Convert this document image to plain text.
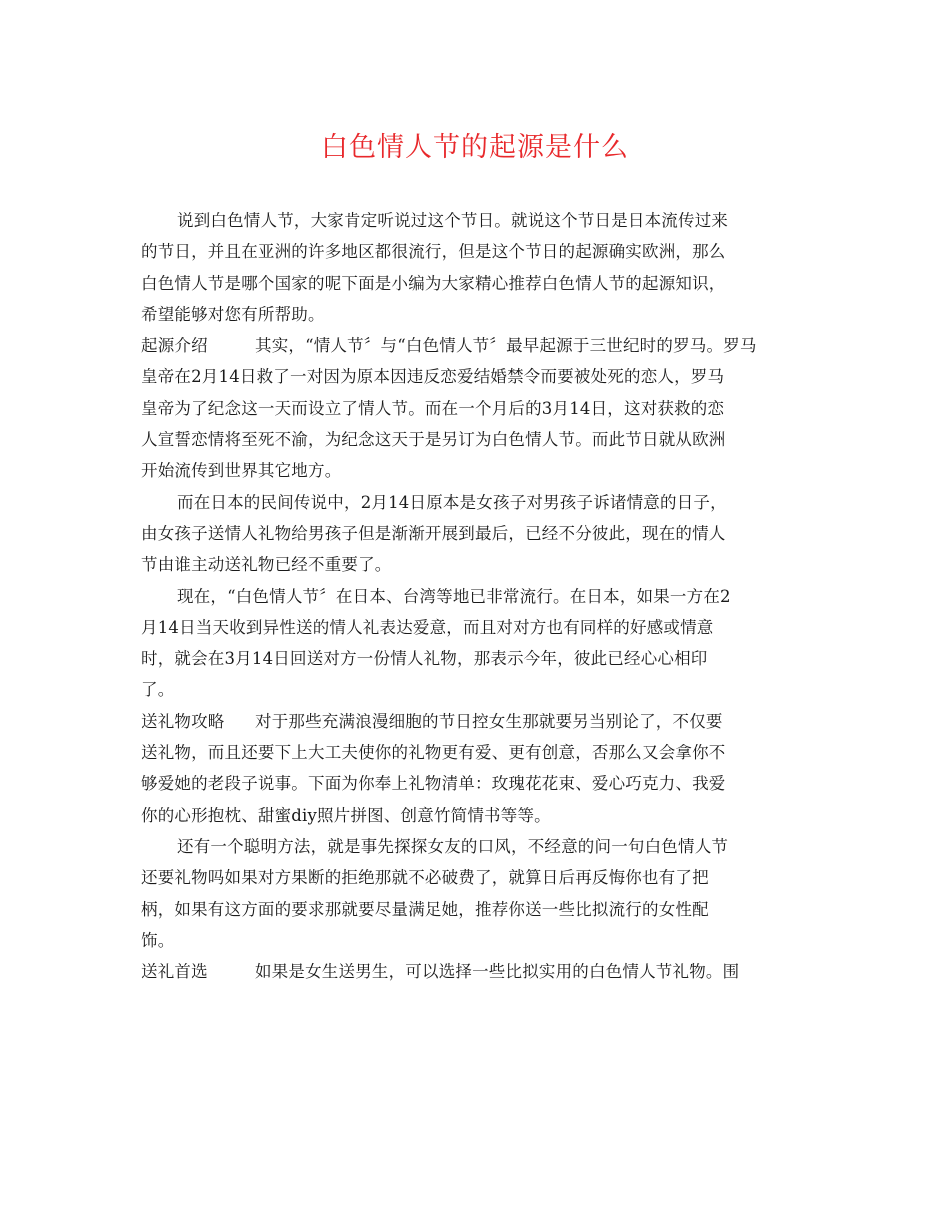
白色情人节的起源是什么
说到白色情人节，大家肯定听说过这个节日。就说这个节日是日本流传过来
的节日，并且在亚洲的许多地区都很流行，但是这个节日的起源确实欧洲，那么
白色情人节是哪个国家的呢下面是小编为大家精心推荐白色情人节的起源知识，
希望能够对您有所帮助。
起源介绍	其实，“情人节〞与“白色情人节〞最早起源于三世纪时的罗马。罗马
皇帝在2月14日救了一对因为原本因违反恋爱结婚禁令而要被处死的恋人，罗马
皇帝为了纪念这一天而设立了情人节。而在一个月后的3月14日，这对获救的恋
人宣誓恋情将至死不渝，为纪念这天于是另订为白色情人节。而此节日就从欧洲
开始流传到世界其它地方。
而在日本的民间传说中，2月14日原本是女孩子对男孩子诉诸情意的日子，
由女孩子送情人礼物给男孩子但是渐渐开展到最后，已经不分彼此，现在的情人
节由谁主动送礼物已经不重要了。
现在，“白色情人节〞在日本、台湾等地已非常流行。在日本，如果一方在2
月14日当天收到异性送的情人礼表达爱意，而且对对方也有同样的好感或情意
时，就会在3月14日回送对方一份情人礼物，那表示今年，彼此已经心心相印
了。
送礼物攻略 对于那些充满浪漫细胞的节日控女生那就要另当别论了，不仅要
送礼物，而且还要下上大工夫使你的礼物更有爱、更有创意，否那么又会拿你不
够爱她的老段子说事。下面为你奉上礼物清单：玫瑰花花束、爱心巧克力、我爱
你的心形抱枕、甜蜜diy照片拼图、创意竹简情书等等。
还有一个聪明方法，就是事先探探女友的口风，不经意的问一句白色情人节
还要礼物吗如果对方果断的拒绝那就不必破费了，就算日后再反悔你也有了把
柄，如果有这方面的要求那就要尽量满足她，推荐你送一些比拟流行的女性配
饰。
送礼首选	如果是女生送男生，可以选择一些比拟实用的白色情人节礼物。围
